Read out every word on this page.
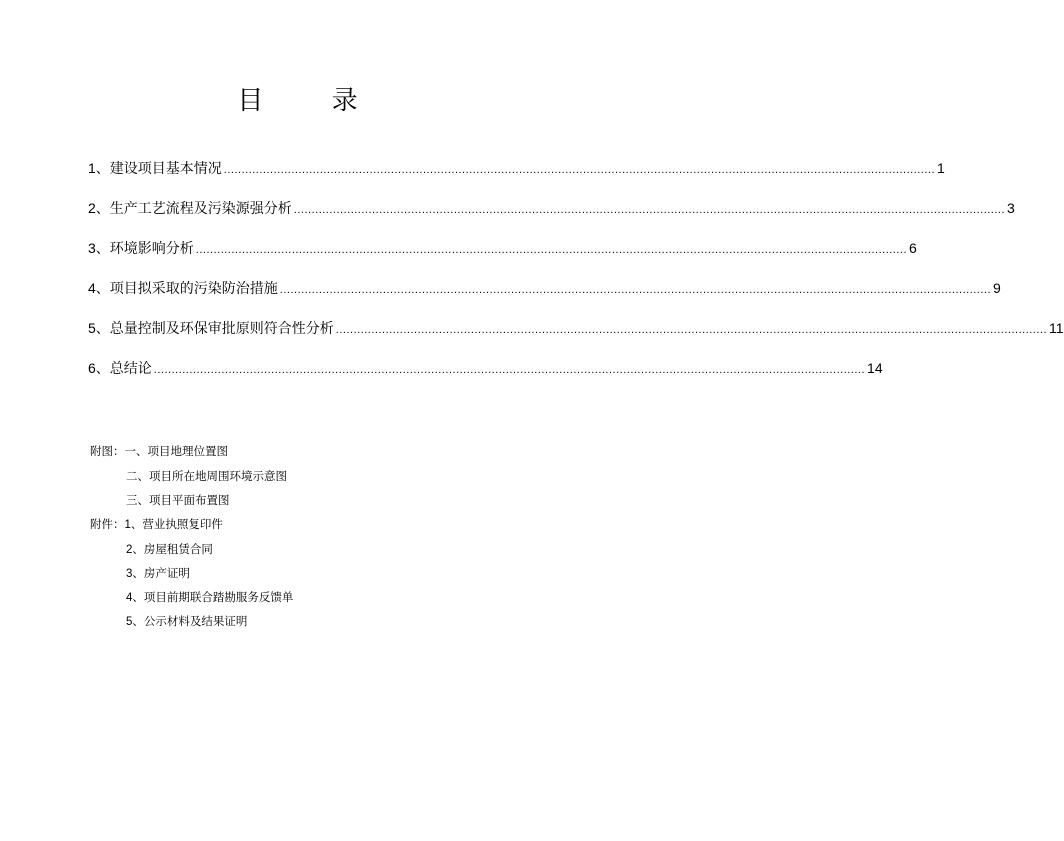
目 录
1、 建设项目基本情况 ........................................................................................................................................................................................................ 1
2、 生产工艺流程及污染源强分析 ........................................................................................................................................................................................................ 3
3、 环境影响分析 ........................................................................................................................................................................................................ 6
4、 项目拟采取的污染防治措施 ........................................................................................................................................................................................................ 9
5、 总量控制及环保审批原则符合性分析 ........................................................................................................................................................................................................ 11
6、 总结论 ........................................................................................................................................................................................................ 14
附图：一、项目地理位置图
二、项目所在地周围环境示意图
三、项目平面布置图
附件：1、营业执照复印件
2、房屋租赁合同
3、房产证明
4、项目前期联合踏勘服务反馈单
5、公示材料及结果证明
